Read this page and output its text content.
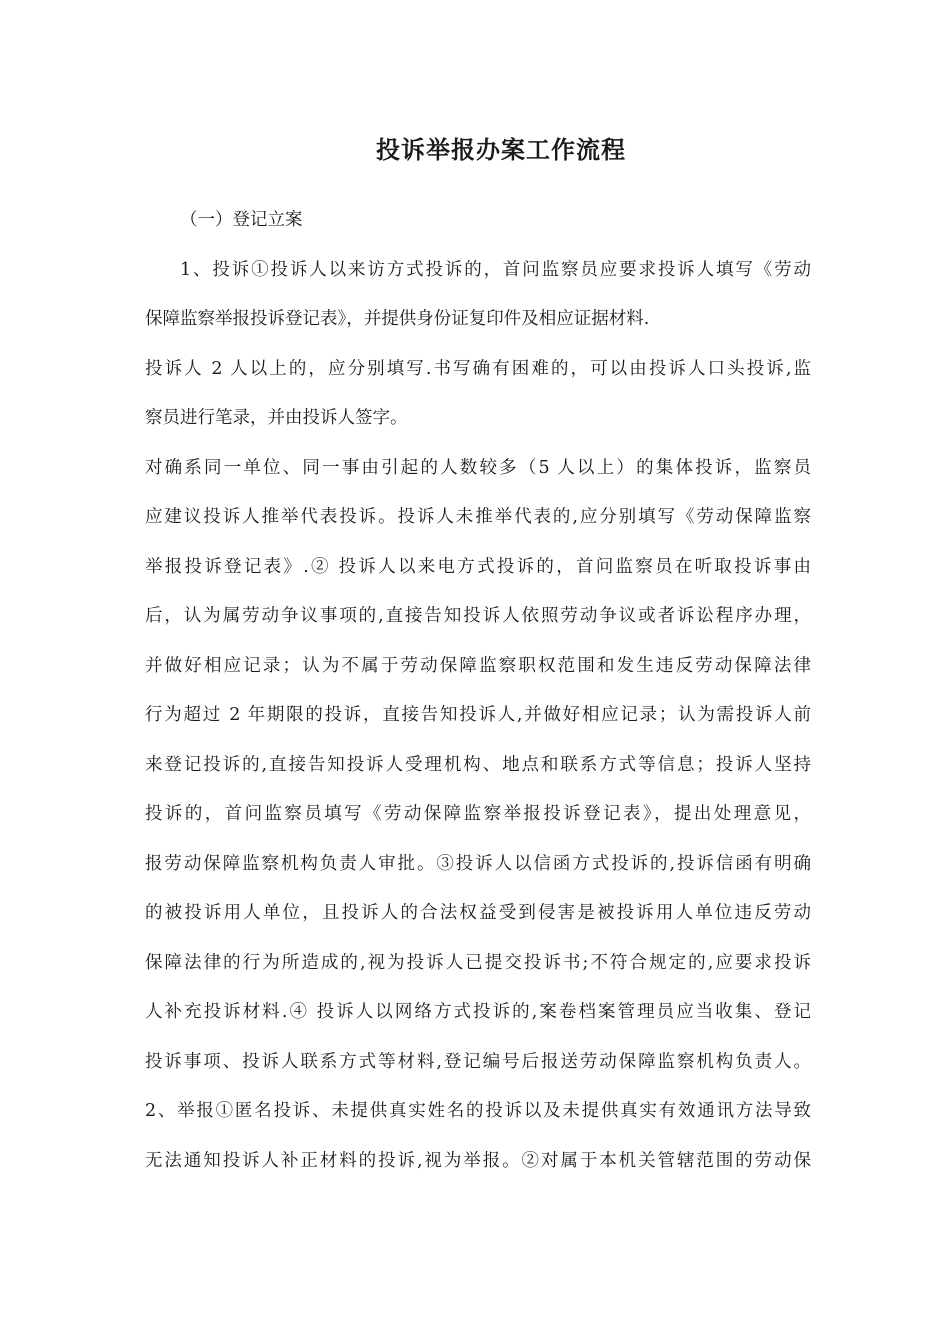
投诉举报办案工作流程
（一）登记立案
1、投诉①投诉人以来访方式投诉的，首问监察员应要求投诉人填写《劳动
保障监察举报投诉登记表》，并提供身份证复印件及相应证据材料.
投诉人 2 人以上的，应分别填写.书写确有困难的，可以由投诉人口头投诉,监
察员进行笔录，并由投诉人签字。
对确系同一单位、同一事由引起的人数较多（5 人以上）的集体投诉，监察员
应建议投诉人推举代表投诉。投诉人未推举代表的,应分别填写《劳动保障监察
举报投诉登记表》.② 投诉人以来电方式投诉的，首问监察员在听取投诉事由
后，认为属劳动争议事项的,直接告知投诉人依照劳动争议或者诉讼程序办理，
并做好相应记录；认为不属于劳动保障监察职权范围和发生违反劳动保障法律
行为超过 2 年期限的投诉，直接告知投诉人,并做好相应记录；认为需投诉人前
来登记投诉的,直接告知投诉人受理机构、地点和联系方式等信息；投诉人坚持
投诉的，首问监察员填写《劳动保障监察举报投诉登记表》，提出处理意见，
报劳动保障监察机构负责人审批。③投诉人以信函方式投诉的,投诉信函有明确
的被投诉用人单位，且投诉人的合法权益受到侵害是被投诉用人单位违反劳动
保障法律的行为所造成的,视为投诉人已提交投诉书;不符合规定的,应要求投诉
人补充投诉材料.④ 投诉人以网络方式投诉的,案卷档案管理员应当收集、登记
投诉事项、投诉人联系方式等材料,登记编号后报送劳动保障监察机构负责人。
2、举报①匿名投诉、未提供真实姓名的投诉以及未提供真实有效通讯方法导致
无法通知投诉人补正材料的投诉,视为举报。②对属于本机关管辖范围的劳动保
